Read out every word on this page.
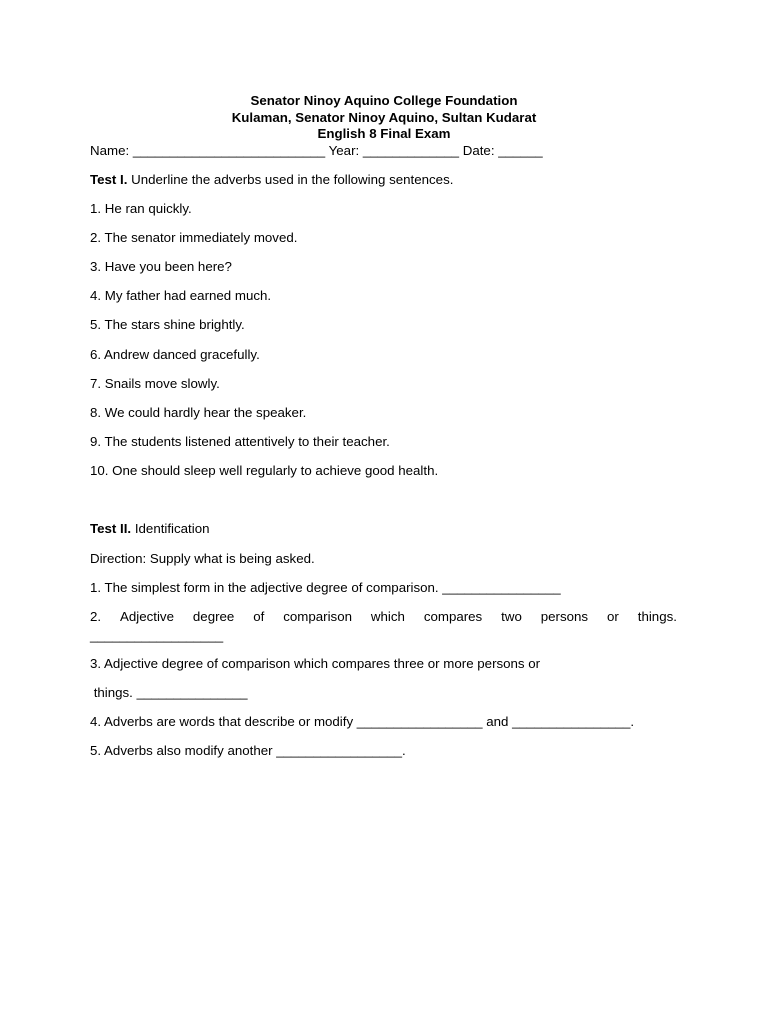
Senator Ninoy Aquino College Foundation
Kulaman, Senator Ninoy Aquino, Sultan Kudarat
English 8 Final Exam
Name: __________________________ Year: _____________ Date: ______
Test I. Underline the adverbs used in the following sentences.
1. He ran quickly.
2. The senator immediately moved.
3. Have you been here?
4. My father had earned much.
5. The stars shine brightly.
6. Andrew danced gracefully.
7. Snails move slowly.
8. We could hardly hear the speaker.
9. The students listened attentively to their teacher.
10. One should sleep well regularly to achieve good health.
Test II. Identification
Direction: Supply what is being asked.
1. The simplest form in the adjective degree of comparison. ________________
2. Adjective degree of comparison which compares two persons or things.
__________________
3. Adjective degree of comparison which compares three or more persons or
things. _______________
4. Adverbs are words that describe or modify _________________ and ________________.
5. Adverbs also modify another _________________.
